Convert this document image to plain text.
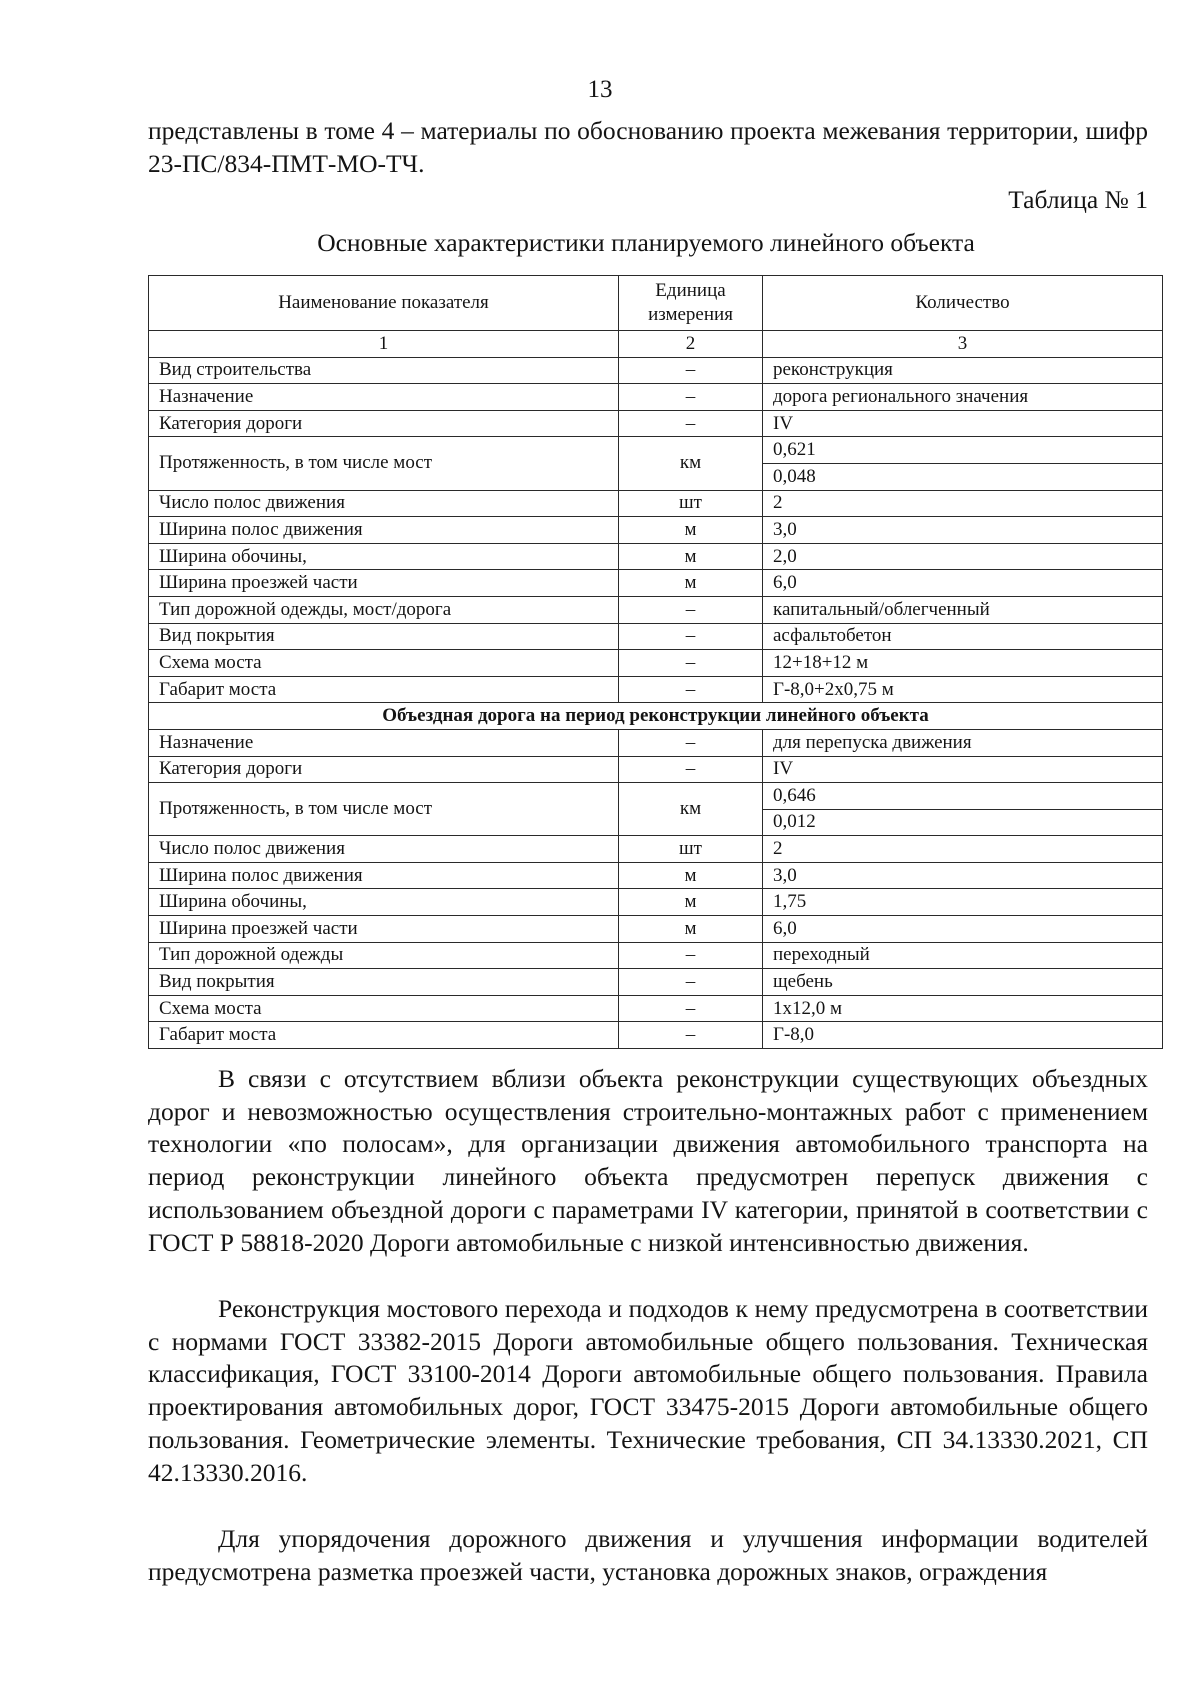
13

представлены в томе 4 – материалы по обоснованию проекта межевания территории, шифр 23-ПС/834-ПМТ-МО-ТЧ.

Таблица № 1
Основные характеристики планируемого линейного объекта
Наименование показателя	Единица измерения	Количество
1	2	3
Вид строительства	–	реконструкция
Назначение	–	дорога регионального значения
Категория дороги	–	IV
Протяженность, в том числе мост	км	0,621
		0,048
Число полос движения	шт	2
Ширина полос движения	м	3,0
Ширина обочины,	м	2,0
Ширина проезжей части	м	6,0
Тип дорожной одежды, мост/дорога	–	капитальный/облегченный
Вид покрытия	–	асфальтобетон
Схема моста	–	12+18+12 м
Габарит моста	–	Г-8,0+2х0,75 м
Объездная дорога на период реконструкции линейного объекта		
Назначение	–	для перепуска движения
Категория дороги	–	IV
Протяженность, в том числе мост	км	0,646
		0,012
Число полос движения	шт	2
Ширина полос движения	м	3,0
Ширина обочины,	м	1,75
Ширина проезжей части	м	6,0
Тип дорожной одежды	–	переходный
Вид покрытия	–	щебень
Схема моста	–	1х12,0 м
Габарит моста	–	Г-8,0

В связи с отсутствием вблизи объекта реконструкции существующих объездных дорог и невозможностью осуществления строительно-монтажных работ с применением технологии «по полосам», для организации движения автомобильного транспорта на период реконструкции линейного объекта предусмотрен перепуск движения с использованием объездной дороги с параметрами IV категории, принятой в соответствии с ГОСТ Р 58818-2020 Дороги автомобильные с низкой интенсивностью движения.

Реконструкция мостового перехода и подходов к нему предусмотрена в соответствии с нормами ГОСТ 33382-2015 Дороги автомобильные общего пользования. Техническая классификация, ГОСТ 33100-2014 Дороги автомобильные общего пользования. Правила проектирования автомобильных дорог, ГОСТ 33475-2015 Дороги автомобильные общего пользования. Геометрические элементы. Технические требования, СП 34.13330.2021, СП 42.13330.2016.

Для упорядочения дорожного движения и улучшения информации водителей предусмотрена разметка проезжей части, установка дорожных знаков, ограждения
